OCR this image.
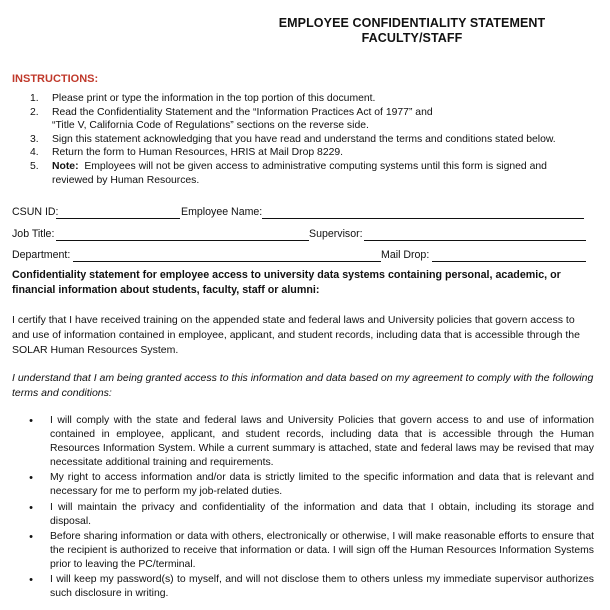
EMPLOYEE CONFIDENTIALITY STATEMENT
FACULTY/STAFF
INSTRUCTIONS:
1.	Please print or type the information in the top portion of this document.
2.	Read the Confidentiality Statement and the “Information Practices Act of 1977” and
“Title V, California Code of Regulations” sections on the reverse side.
3.	Sign this statement acknowledging that you have read and understand the terms and conditions stated below.
4.	Return the form to Human Resources, HRIS at Mail Drop 8229.
5.	Note:  Employees will not be given access to administrative computing systems until this form is signed and
reviewed by Human Resources.
CSUN ID:	Employee Name:
Job Title:	Supervisor:
Department:	Mail Drop:
Confidentiality statement for employee access to university data systems containing personal, academic, or financial information about students, faculty, staff or alumni:
I certify that I have received training on the appended state and federal laws and University policies that govern access to and use of information contained in employee, applicant, and student records, including data that is accessible through the SOLAR Human Resources System.
I understand that I am being granted access to this information and data based on my agreement to comply with the following terms and conditions:
•	I will comply with the state and federal laws and University Policies that govern access to and use of information contained in employee, applicant, and student records, including data that is accessible through the Human Resources Information System. While a current summary is attached, state and federal laws may be revised that may necessitate additional training and requirements.
•	My right to access information and/or data is strictly limited to the specific information and data that is relevant and necessary for me to perform my job-related duties.
•	I will maintain the privacy and confidentiality of the information and data that I obtain, including its storage and disposal.
•	Before sharing information or data with others, electronically or otherwise, I will make reasonable efforts to ensure that the recipient is authorized to receive that information or data. I will sign off the Human Resources Information Systems prior to leaving the PC/terminal.
•	I will keep my password(s) to myself, and will not disclose them to others unless my immediate supervisor authorizes such disclosure in writing.
